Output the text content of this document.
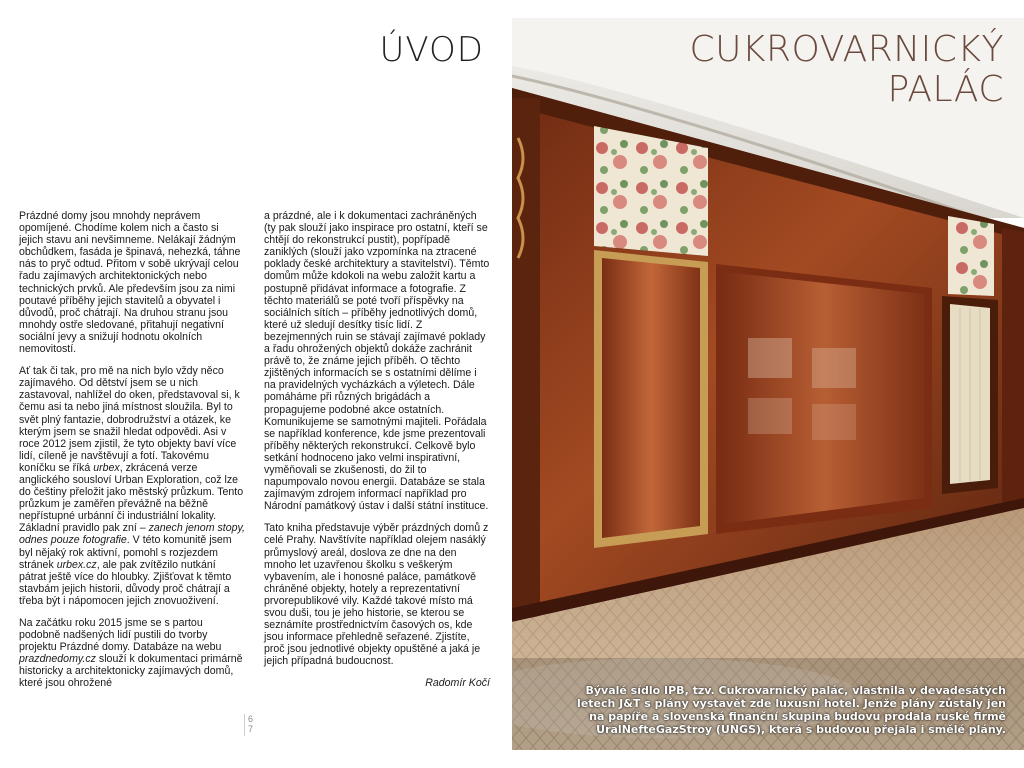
ÚVOD

Prázdné domy jsou mnohdy neprávem opomíjené. Chodíme kolem nich a často si jejich stavu ani nevšimneme. Nelákají žádným obchůdkem, fasáda je špinavá, nehezká, táhne nás to pryč odtud. Přitom v sobě ukrývají celou řadu zajímavých architektonických nebo technických prvků. Ale především jsou za nimi poutavé příběhy jejich stavitelů a obyvatel i důvodů, proč chátrají. Na druhou stranu jsou mnohdy ostře sledované, přitahují negativní sociální jevy a snižují hodnotu okolních nemovitostí.

Ať tak či tak, pro mě na nich bylo vždy něco zajímavého. Od dětství jsem se u nich zastavoval, nahlížel do oken, představoval si, k čemu asi ta nebo jiná místnost sloužila. Byl to svět plný fantazie, dobrodružství a otázek, ke kterým jsem se snažil hledat odpovědi. Asi v roce 2012 jsem zjistil, že tyto objekty baví více lidí, cíleně je navštěvují a fotí. Takovému koníčku se říká urbex, zkrácená verze anglického sousloví Urban Exploration, což lze do češtiny přeložit jako městský průzkum. Tento průzkum je zaměřen převážně na běžně nepřístupné urbánní či industriální lokality. Základní pravidlo pak zní – zanech jenom stopy, odnes pouze fotografie. V této komunitě jsem byl nějaký rok aktivní, pomohl s rozjezdem stránek urbex.cz, ale pak zvítězilo nutkání pátrat ještě více do hloubky. Zjišťovat k těmto stavbám jejich historii, důvody proč chátrají a třeba být i nápomocen jejich znovuoživení.

Na začátku roku 2015 jsme se s partou podobně nadšených lidí pustili do tvorby projektu Prázdné domy. Databáze na webu prazdnedomy.cz slouží k dokumentaci primárně historicky a architektonicky zajímavých domů, které jsou ohrožené

a prázdné, ale i k dokumentaci zachráněných (ty pak slouží jako inspirace pro ostatní, kteří se chtějí do rekonstrukcí pustit), popřípadě zaniklých (slouží jako vzpomínka na ztracené poklady české architektury a stavitelství). Těmto domům může kdokoli na webu založit kartu a postupně přidávat informace a fotografie. Z těchto materiálů se poté tvoří příspěvky na sociálních sítích – příběhy jednotlivých domů, které už sledují desítky tisíc lidí. Z bezejmenných ruin se stávají zajímavé poklady a řadu ohrožených objektů dokáže zachránit právě to, že známe jejich příběh. O těchto zjištěných informacích se s ostatními dělíme i na pravidelných vycházkách a výletech. Dále pomáháme při různých brigádách a propagujeme podobné akce ostatních. Komunikujeme se samotnými majiteli. Pořádala se například konference, kde jsme prezentovali příběhy některých rekonstrukcí. Celkově bylo setkání hodnoceno jako velmi inspirativní, vyměňovali se zkušenosti, do žil to napumpovalo novou energii. Databáze se stala zajímavým zdrojem informací například pro Národní památkový ústav i další státní instituce.

Tato kniha představuje výběr prázdných domů z celé Prahy. Navštívíte například olejem nasáklý průmyslový areál, doslova ze dne na den mnoho let uzavřenou školku s veškerým vybavením, ale i honosné paláce, památkově chráněné objekty, hotely a reprezentativní prvorepublikové vily. Každé takové místo má svou duši, tou je jeho historie, se kterou se seznámíte prostřednictvím časových os, kde jsou informace přehledně seřazené. Zjistíte, proč jsou jednotlivé objekty opuštěné a jaká je jejich případná budoucnost.

Radomír Kočí

6
7
CUKROVARNICKÝ
PALÁC
Bývalé sídlo IPB, tzv. Cukrovarnický palác, vlastnila v devadesátých letech J&T s plány vystavět zde luxusní hotel. Jenže plány zůstaly jen na papíře a slovenská finanční skupina budovu prodala ruské firmě UralNefteGazStroy (UNGS), která s budovou přejala i smělé plány.
